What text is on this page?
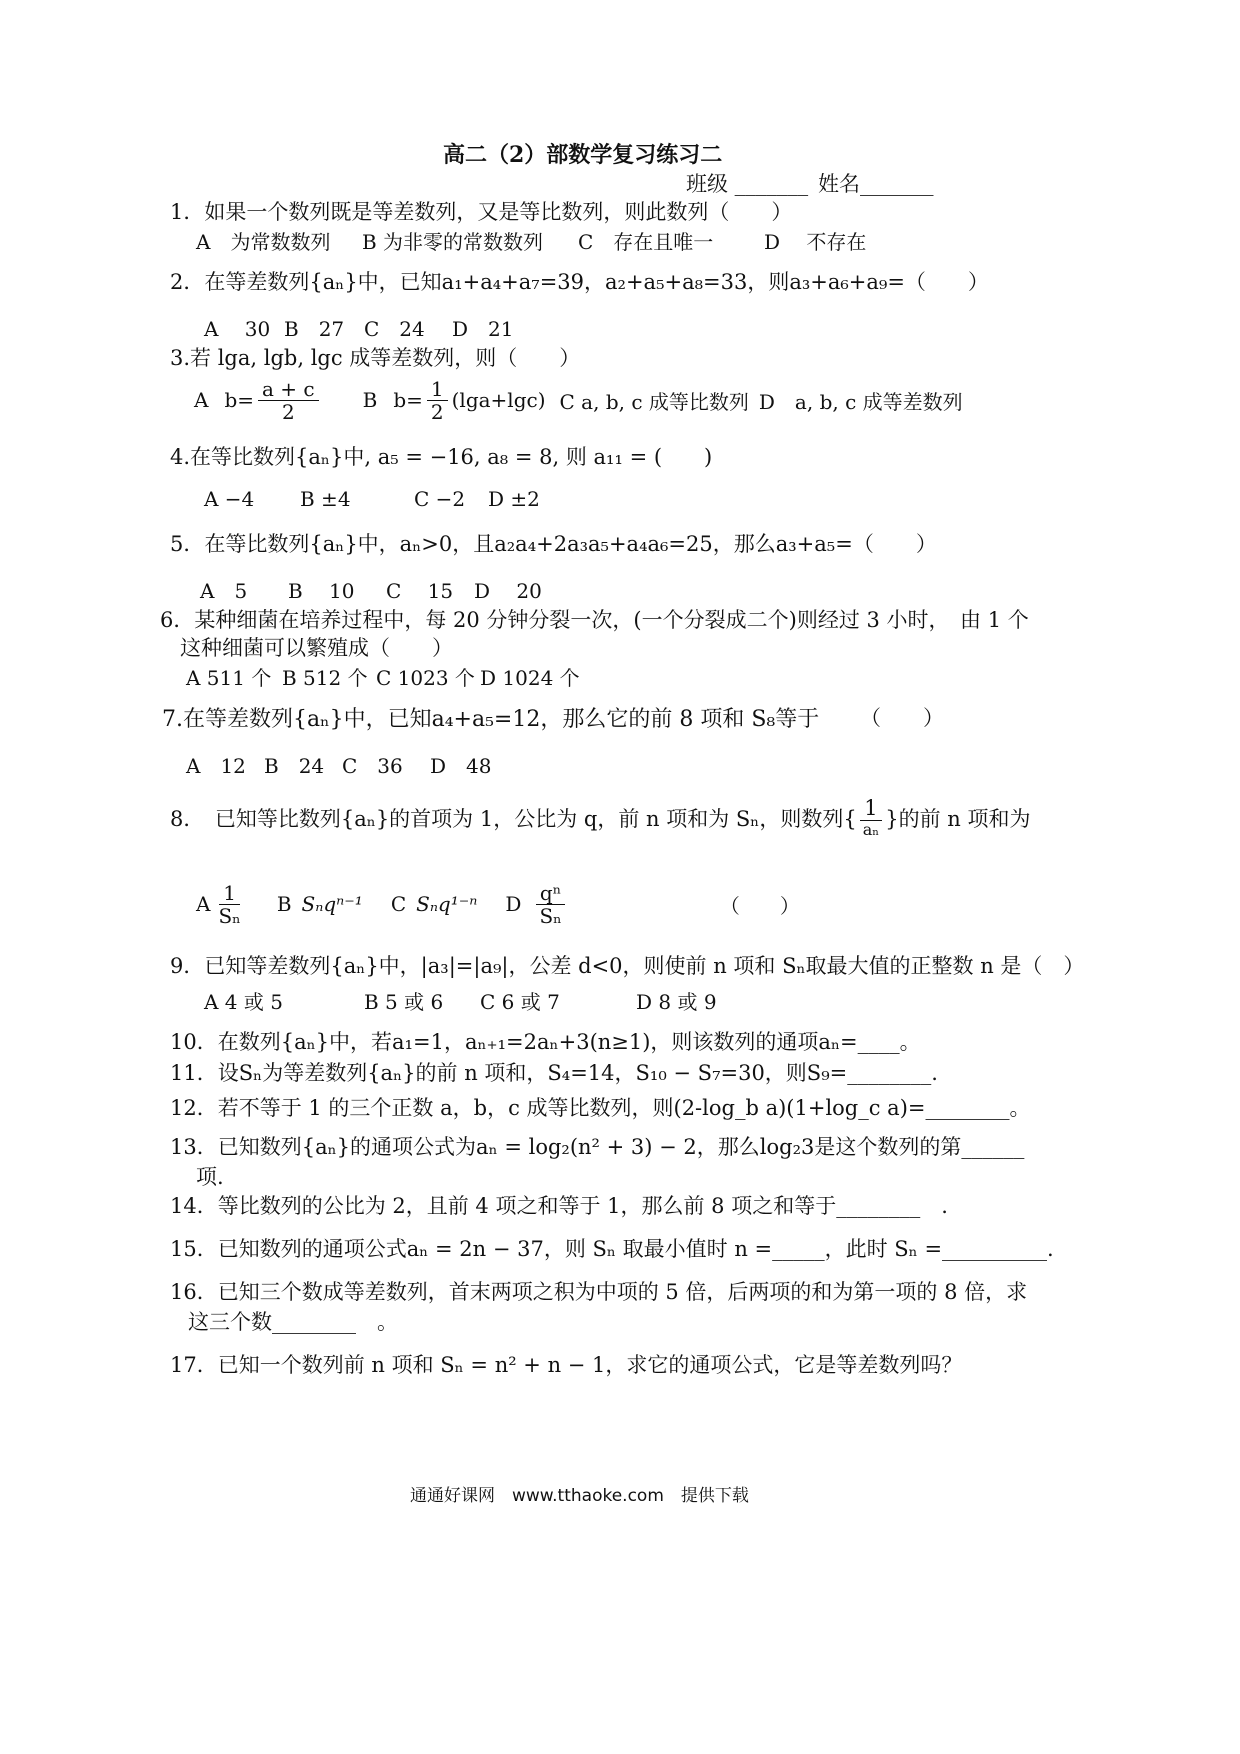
高二（2）部数学复习练习二
班级 _______ 姓名_______
1．如果一个数列既是等差数列，又是等比数列，则此数列（　　）
A　为常数数列 B 为非零的常数数列 C　存在且唯一	D　 不存在
2．在等差数列{aₙ}中，已知a₁+a₄+a₇=39，a₂+a₅+a₈=33，则a₃+a₆+a₉=（　　）
A　 30 B　27 C　24 D　21
3.若 lga, lgb, lgc 成等差数列，则（　　）
A $b= \frac{a + c}{2}$ B $b= \frac{1}{2} (\lg a+\lg c)$ C a, b, c 成等比数列 D　a, b, c 成等差数列
4.在等比数列{aₙ}中, a₅ = −16, a₈ = 8, 则 a₁₁ = (　　)
A −4 B ±4	C −2 D ±2
5．在等比数列{aₙ}中，aₙ>0，且a₂a₄+2a₃a₅+a₄a₆=25，那么a₃+a₅=（　　）
A　5 B　 10 C　 15 D　 20
6．某种细菌在培养过程中，每 20 分钟分裂一次，(一个分裂成二个)则经过 3 小时，　由 1 个
这种细菌可以繁殖成（　　）
A 511 个 B 512 个 C 1023 个 D 1024 个
7.在等差数列{aₙ}中，已知a₄+a₅=12，那么它的前 8 项和 S₈等于 （　　）
A　12 B　24 C　36 D　48
8．　已知等比数列{aₙ}的首项为 1，公比为 q，前 n 项和为 Sₙ，则数列{ $\frac{1}{\text{aₙ}}$ }的前 n 项和为
A $\frac{1}{\text{Sₙ}}$ B Sₙqⁿ⁻¹ C Sₙq¹⁻ⁿ D $\frac{\text{qⁿ}}{\text{Sₙ}}$	（　　）
9．已知等差数列{aₙ}中，|a₃|=|a₉|，公差 d<0，则使前 n 项和 Sₙ取最大值的正整数 n 是（　）
A 4 或 5	B 5 或 6 C 6 或 7	D 8 或 9
10．在数列{aₙ}中，若a₁=1，aₙ₊₁=2aₙ+3(n≥1)，则该数列的通项aₙ=____。
11．设Sₙ为等差数列{aₙ}的前 n 项和，S₄=14，S₁₀ − S₇=30，则S₉=________.
12．若不等于 1 的三个正数 a，b，c 成等比数列，则(2-log_b a)(1+log_c a)=________。
13．已知数列{aₙ}的通项公式为aₙ = log₂(n² + 3) − 2，那么log₂3是这个数列的第______
项.
14．等比数列的公比为 2，且前 4 项之和等于 1，那么前 8 项之和等于________　.
15．已知数列的通项公式aₙ = 2n − 37，则 Sₙ 取最小值时 n =_____，此时 Sₙ =__________.
16．已知三个数成等差数列，首末两项之积为中项的 5 倍，后两项的和为第一项的 8 倍，求
这三个数________　。
17．已知一个数列前 n 项和 Sₙ = n² + n − 1，求它的通项公式，它是等差数列吗？
通通好课网　www.tthaoke.com　提供下载
